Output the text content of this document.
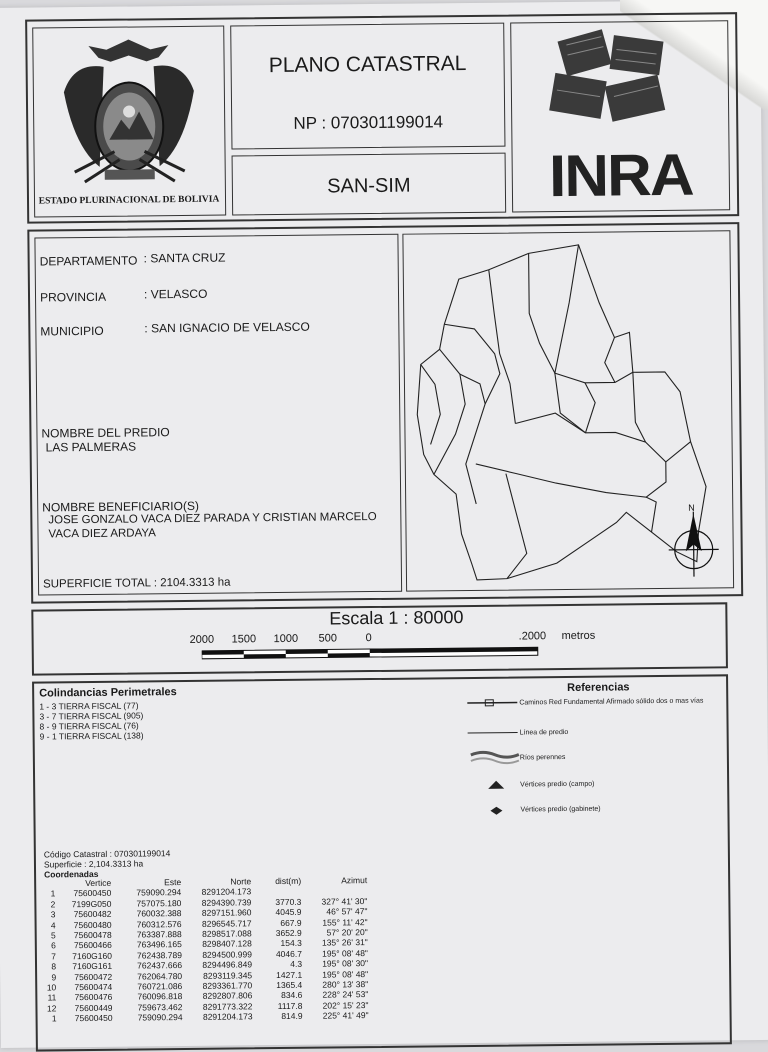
ESTADO PLURINACIONAL DE BOLIVIA
PLANO CATASTRAL
NP : 070301199014
SAN-SIM	INRA
DEPARTAMENTO : SANTA CRUZ
PROVINCIA	: VELASCO
MUNICIPIO	: SAN IGNACIO DE VELASCO
NOMBRE DEL PREDIO
LAS PALMERAS
NOMBRE BENEFICIARIO(S)
JOSE GONZALO VACA DIEZ PARADA Y CRISTIAN MARCELO
VACA DIEZ ARDAYA
SUPERFICIE TOTAL : 2104.3313 ha
N
Escala 1 : 80000
2000 1500 1000 500	0	.2000 metros
Colindancias Perimetrales
1 - 3 TIERRA FISCAL (77)
3 - 7 TIERRA FISCAL (905)
8 - 9 TIERRA FISCAL (76)
9 - 1 TIERRA FISCAL (138)
Referencias
Caminos Red Fundamental Afirmado sólido dos o mas vías
Línea de predio
Ríos perennes
Vértices predio (campo)
Vértices predio (gabinete)
Código Catastral : 070301199014
Superficie : 2,104.3313 ha
Coordenadas
	Vertice	Este	Norte	dist(m)	Azimut
1	75600450	759090.294	8291204.173		
2	7199G050	757075.180	8294390.739	3770.3	327° 41' 30"
3	75600482	760032.388	8297151.960	4045.9	46° 57' 47"
4	75600480	760312.576	8296545.717	667.9	155° 11' 42"
5	75600478	763387.888	8298517.088	3652.9	57° 20' 20"
6	75600466	763496.165	8298407.128	154.3	135° 26' 31"
7	7160G160	762438.789	8294500.999	4046.7	195° 08' 48"
8	7160G161	762437.666	8294496.849	4.3	195° 08' 30"
9	75600472	762064.780	8293119.345	1427.1	195° 08' 48"
10	75600474	760721.086	8293361.770	1365.4	280° 13' 38"
11	75600476	760096.818	8292807.806	834.6	228° 24' 53"
12	75600449	759673.462	8291773.322	1117.8	202° 15' 23"
1	75600450	759090.294	8291204.173	814.9	225° 41' 49"
